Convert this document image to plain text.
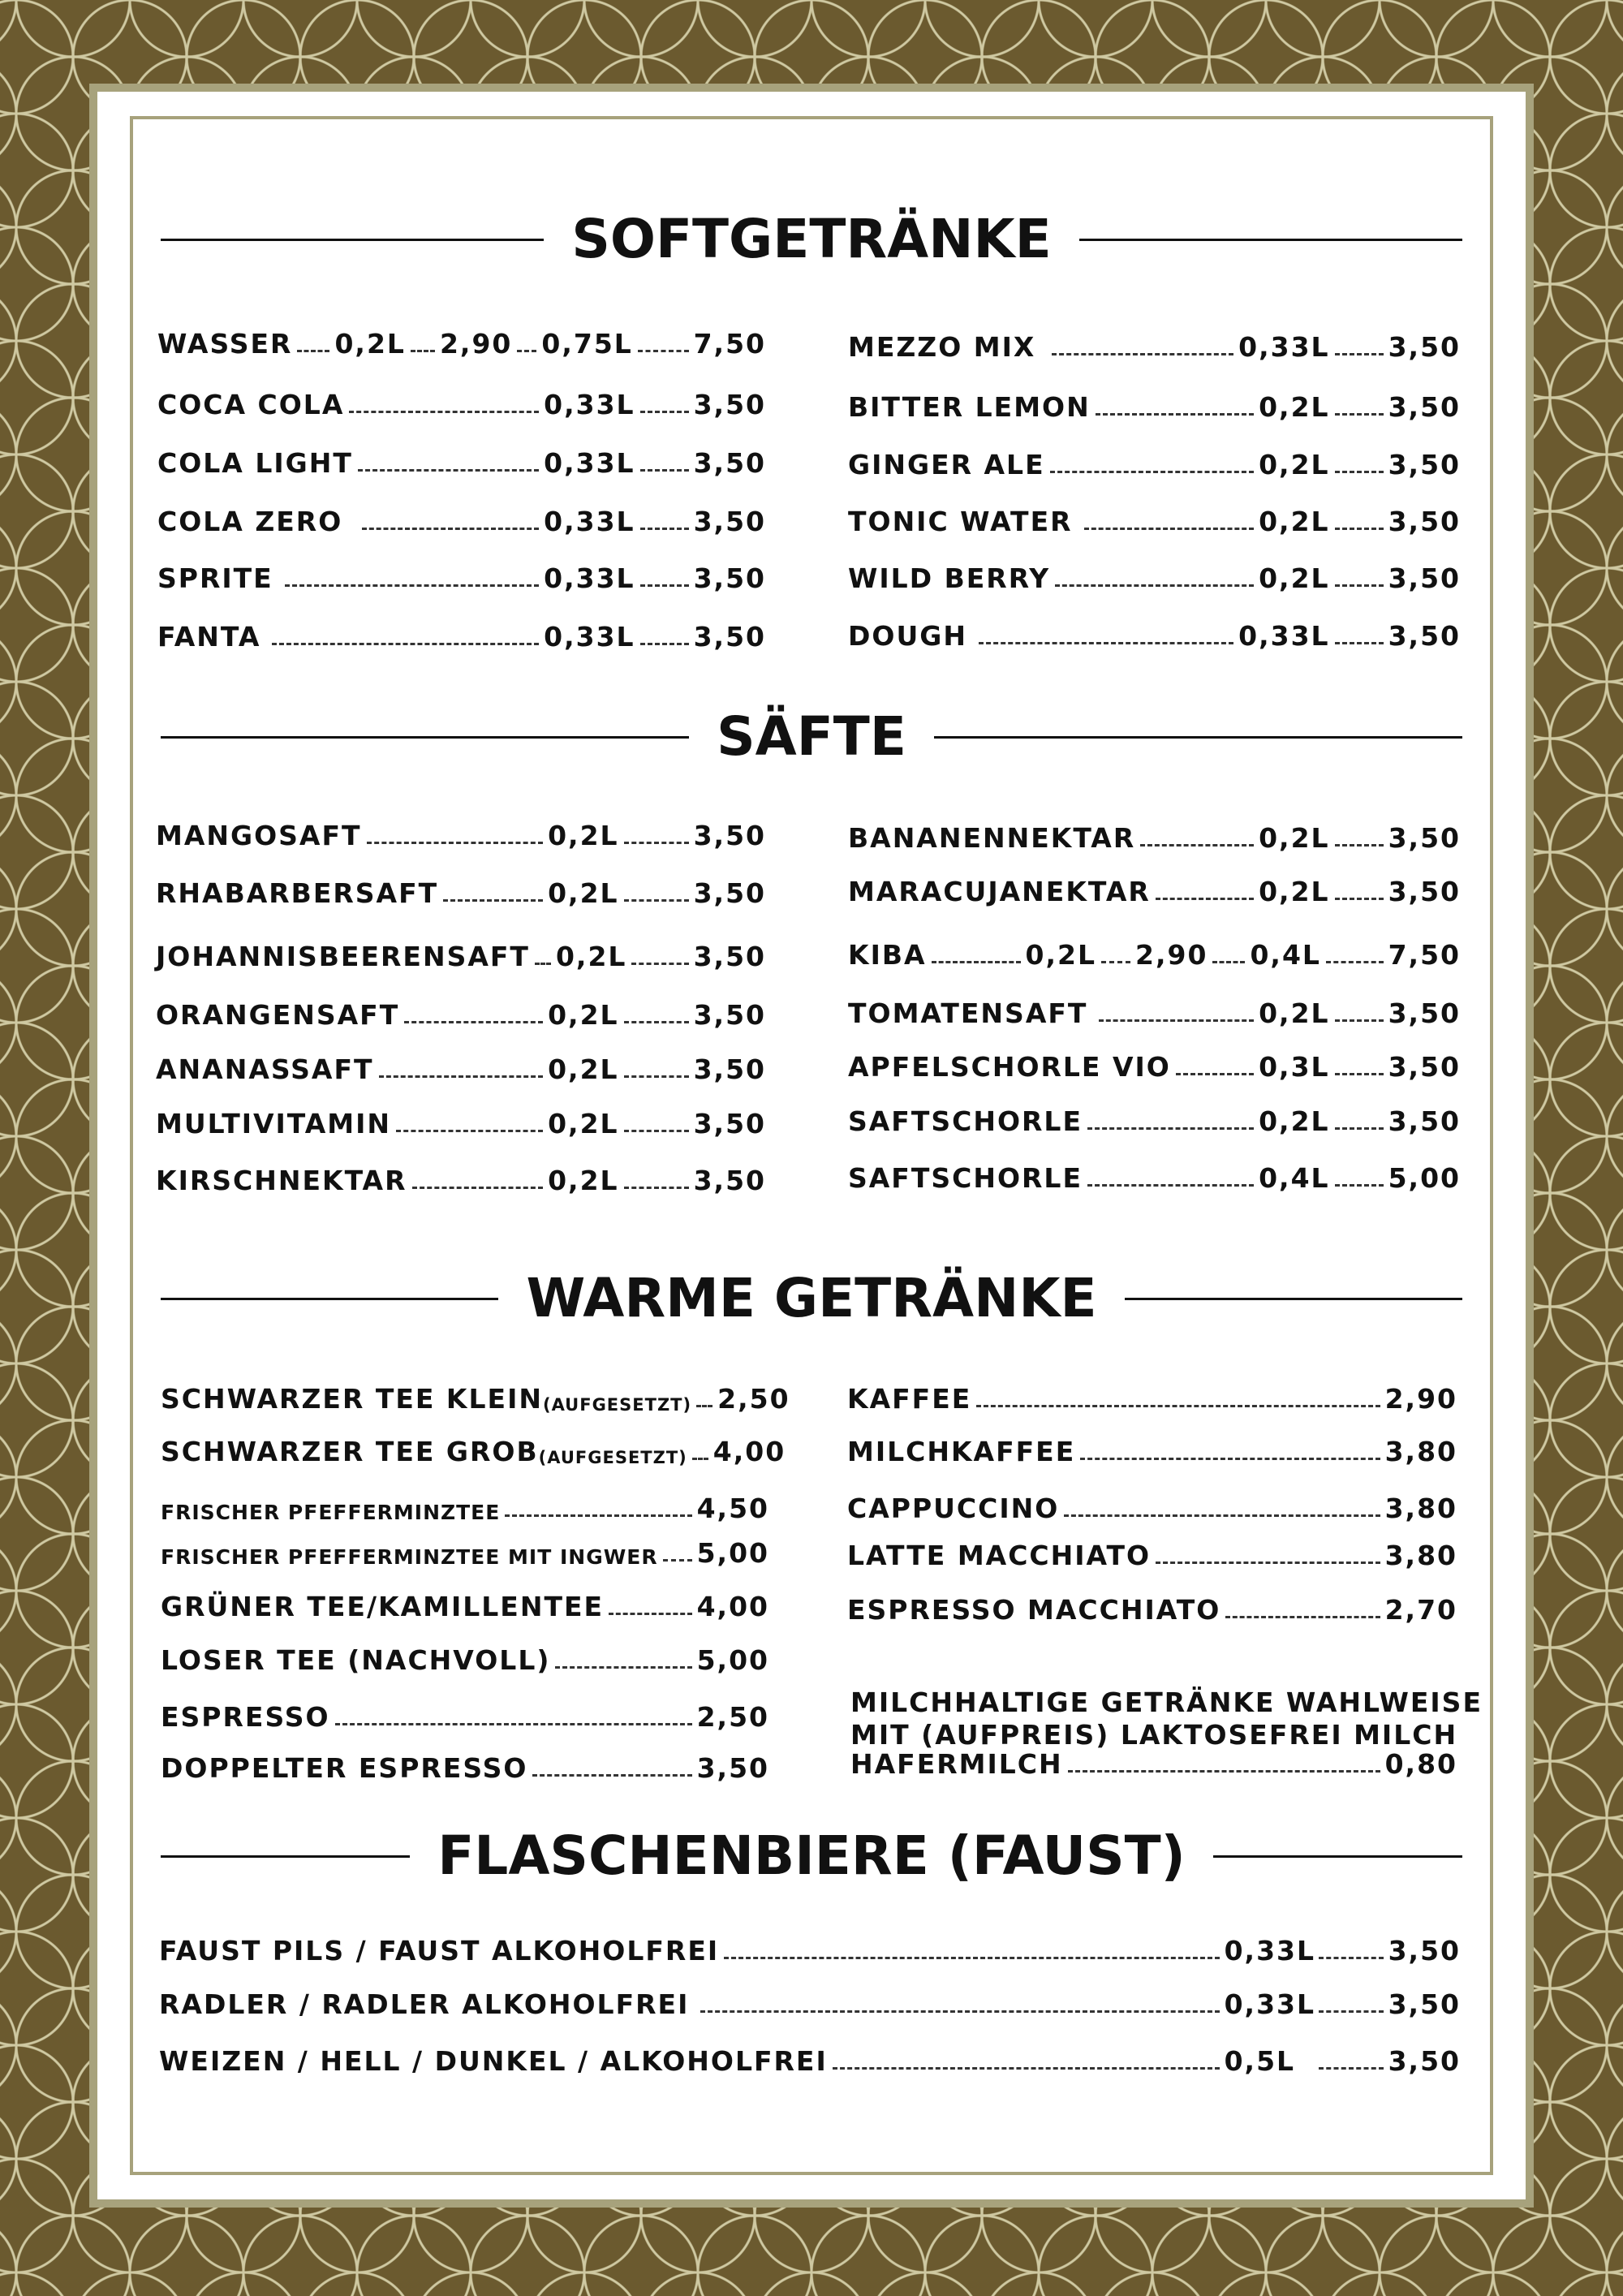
SOFTGETRÄNKE
WASSER 0,2L 2,90 0,75L 7,50
COCA COLA	0,33L 3,50
COLA LIGHT	0,33L 3,50
COLA ZERO	0,33L 3,50
SPRITE	0,33L 3,50
FANTA	0,33L 3,50
MEZZO MIX	0,33L 3,50
BITTER LEMON	0,2L 3,50
GINGER ALE	0,2L 3,50
TONIC WATER	0,2L 3,50
WILD BERRY	0,2L 3,50
DOUGH	0,33L 3,50
SÄFTE
MANGOSAFT	0,2L	3,50
RHABARBERSAFT	0,2L	3,50
JOHANNISBEERENSAFT 0,2L 3,50
ORANGENSAFT	0,2L	3,50
ANANASSAFT	0,2L	3,50
MULTIVITAMIN	0,2L	3,50
KIRSCHNEKTAR	0,2L	3,50
BANANENNEKTAR	0,2L 3,50
MARACUJANEKTAR	0,2L 3,50
KIBA	0,2L 2,90 0,4L	7,50
TOMATENSAFT	0,2L 3,50
APFELSCHORLE VIO	0,3L 3,50
SAFTSCHORLE	0,2L 3,50
SAFTSCHORLE	0,4L 5,00
WARME GETRÄNKE
SCHWARZER TEE KLEIN (AUFGESETZT) 2,50
SCHWARZER TEE GROB (AUFGESETZT) 4,00
FRISCHER PFEFFERMINZTEE	4,50
FRISCHER PFEFFERMINZTEE MIT INGWER 5,00
GRÜNER TEE/KAMILLENTEE	4,00
LOSER TEE (NACHVOLL)	5,00
ESPRESSO	2,50
DOPPELTER ESPRESSO	3,50
KAFFEE	2,90
MILCHKAFFEE	3,80
CAPPUCCINO	3,80
LATTE MACCHIATO	3,80
ESPRESSO MACCHIATO	2,70
MILCHHALTIGE GETRÄNKE WAHLWEISE
MIT (AUFPREIS) LAKTOSEFREI MILCH
HAFERMILCH	0,80
FLASCHENBIERE (FAUST)
FAUST PILS / FAUST ALKOHOLFREI	0,33L	3,50
RADLER / RADLER ALKOHOLFREI	0,33L	3,50
WEIZEN / HELL / DUNKEL / ALKOHOLFREI	0,5L	3,50
